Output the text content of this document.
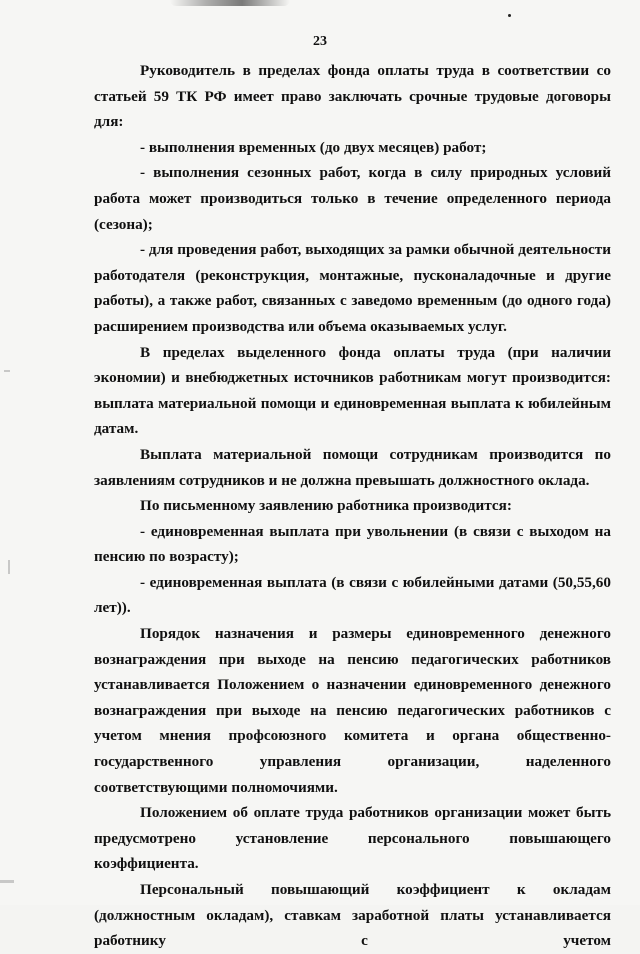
23

Руководитель в пределах фонда оплаты труда в соответствии со статьей 59 ТК РФ имеет право заключать срочные трудовые договоры для:

- выполнения временных (до двух месяцев) работ;

- выполнения сезонных работ, когда в силу природных условий работа может производиться только в течение определенного периода (сезона);

- для проведения работ, выходящих за рамки обычной деятельности работодателя (реконструкция, монтажные, пусконаладочные и другие работы), а также работ, связанных с заведомо временным (до одного года) расширением производства или объема оказываемых услуг.

В пределах выделенного фонда оплаты труда (при наличии экономии) и внебюджетных источников работникам могут производится: выплата материальной помощи и единовременная выплата к юбилейным датам.

Выплата материальной помощи сотрудникам производится по заявлениям сотрудников и не должна превышать должностного оклада.

По письменному заявлению работника производится:

- единовременная выплата при увольнении (в связи с выходом на пенсию по возрасту);

- единовременная выплата (в связи с юбилейными датами (50,55,60 лет)).

Порядок назначения и размеры единовременного денежного вознаграждения при выходе на пенсию педагогических работников устанавливается Положением о назначении единовременного денежного вознаграждения при выходе на пенсию педагогических работников с учетом мнения профсоюзного комитета и органа общественно-государственного управления организации, наделенного соответствующими полномочиями.

Положением об оплате труда работников организации может быть предусмотрено установление персонального повышающего коэффициента.

Персональный повышающий коэффициент к окладам (должностным окладам), ставкам заработной платы устанавливается работнику с учетом
